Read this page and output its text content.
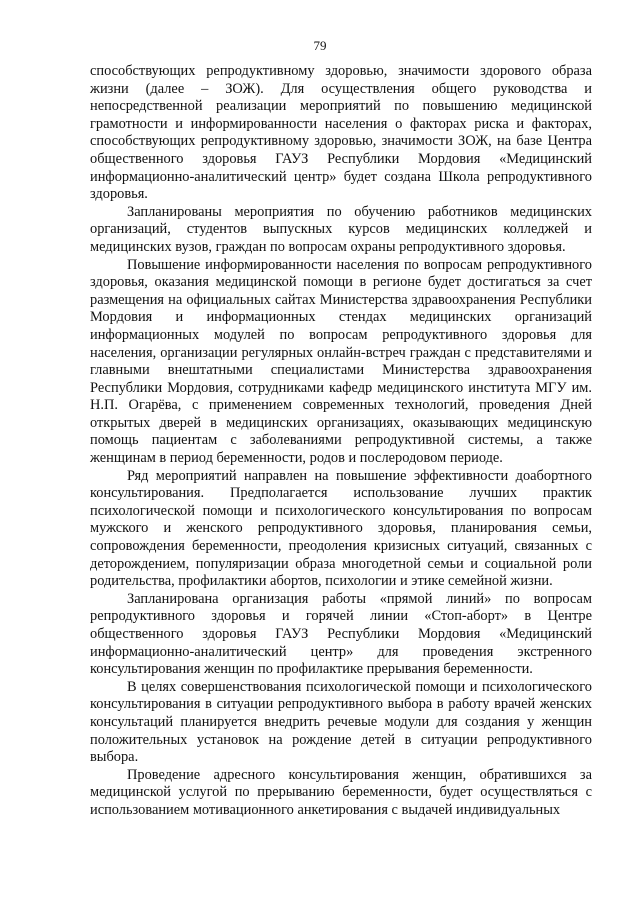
79

способствующих репродуктивному здоровью, значимости здорового образа жизни (далее – ЗОЖ). Для осуществления общего руководства и непосредственной реализации мероприятий по повышению медицинской грамотности и информированности населения о факторах риска и факторах, способствующих репродуктивному здоровью, значимости ЗОЖ, на базе Центра общественного здоровья ГАУЗ Республики Мордовия «Медицинский информационно-аналитический центр» будет создана Школа репродуктивного здоровья.

Запланированы мероприятия по обучению работников медицинских организаций, студентов выпускных курсов медицинских колледжей и медицинских вузов, граждан по вопросам охраны репродуктивного здоровья.

Повышение информированности населения по вопросам репродуктивного здоровья, оказания медицинской помощи в регионе будет достигаться за счет размещения на официальных сайтах Министерства здравоохранения Республики Мордовия и информационных стендах медицинских организаций информационных модулей по вопросам репродуктивного здоровья для населения, организации регулярных онлайн-встреч граждан с представителями и главными внештатными специалистами Министерства здравоохранения Республики Мордовия, сотрудниками кафедр медицинского института МГУ им. Н.П. Огарёва, с применением современных технологий, проведения Дней открытых дверей в медицинских организациях, оказывающих медицинскую помощь пациентам с заболеваниями репродуктивной системы, а также женщинам в период беременности, родов и послеродовом периоде.

Ряд мероприятий направлен на повышение эффективности доабортного консультирования. Предполагается использование лучших практик психологической помощи и психологического консультирования по вопросам мужского и женского репродуктивного здоровья, планирования семьи, сопровождения беременности, преодоления кризисных ситуаций, связанных с деторождением, популяризации образа многодетной семьи и социальной роли родительства, профилактики абортов, психологии и этике семейной жизни.

Запланирована организация работы «прямой линий» по вопросам репродуктивного здоровья и горячей линии «Стоп-аборт» в Центре общественного здоровья ГАУЗ Республики Мордовия «Медицинский информационно-аналитический центр» для проведения экстренного консультирования женщин по профилактике прерывания беременности.

В целях совершенствования психологической помощи и психологического консультирования в ситуации репродуктивного выбора в работу врачей женских консультаций планируется внедрить речевые модули для создания у женщин положительных установок на рождение детей в ситуации репродуктивного выбора.

Проведение адресного консультирования женщин, обратившихся за медицинской услугой по прерыванию беременности, будет осуществляться с использованием мотивационного анкетирования с выдачей индивидуальных
